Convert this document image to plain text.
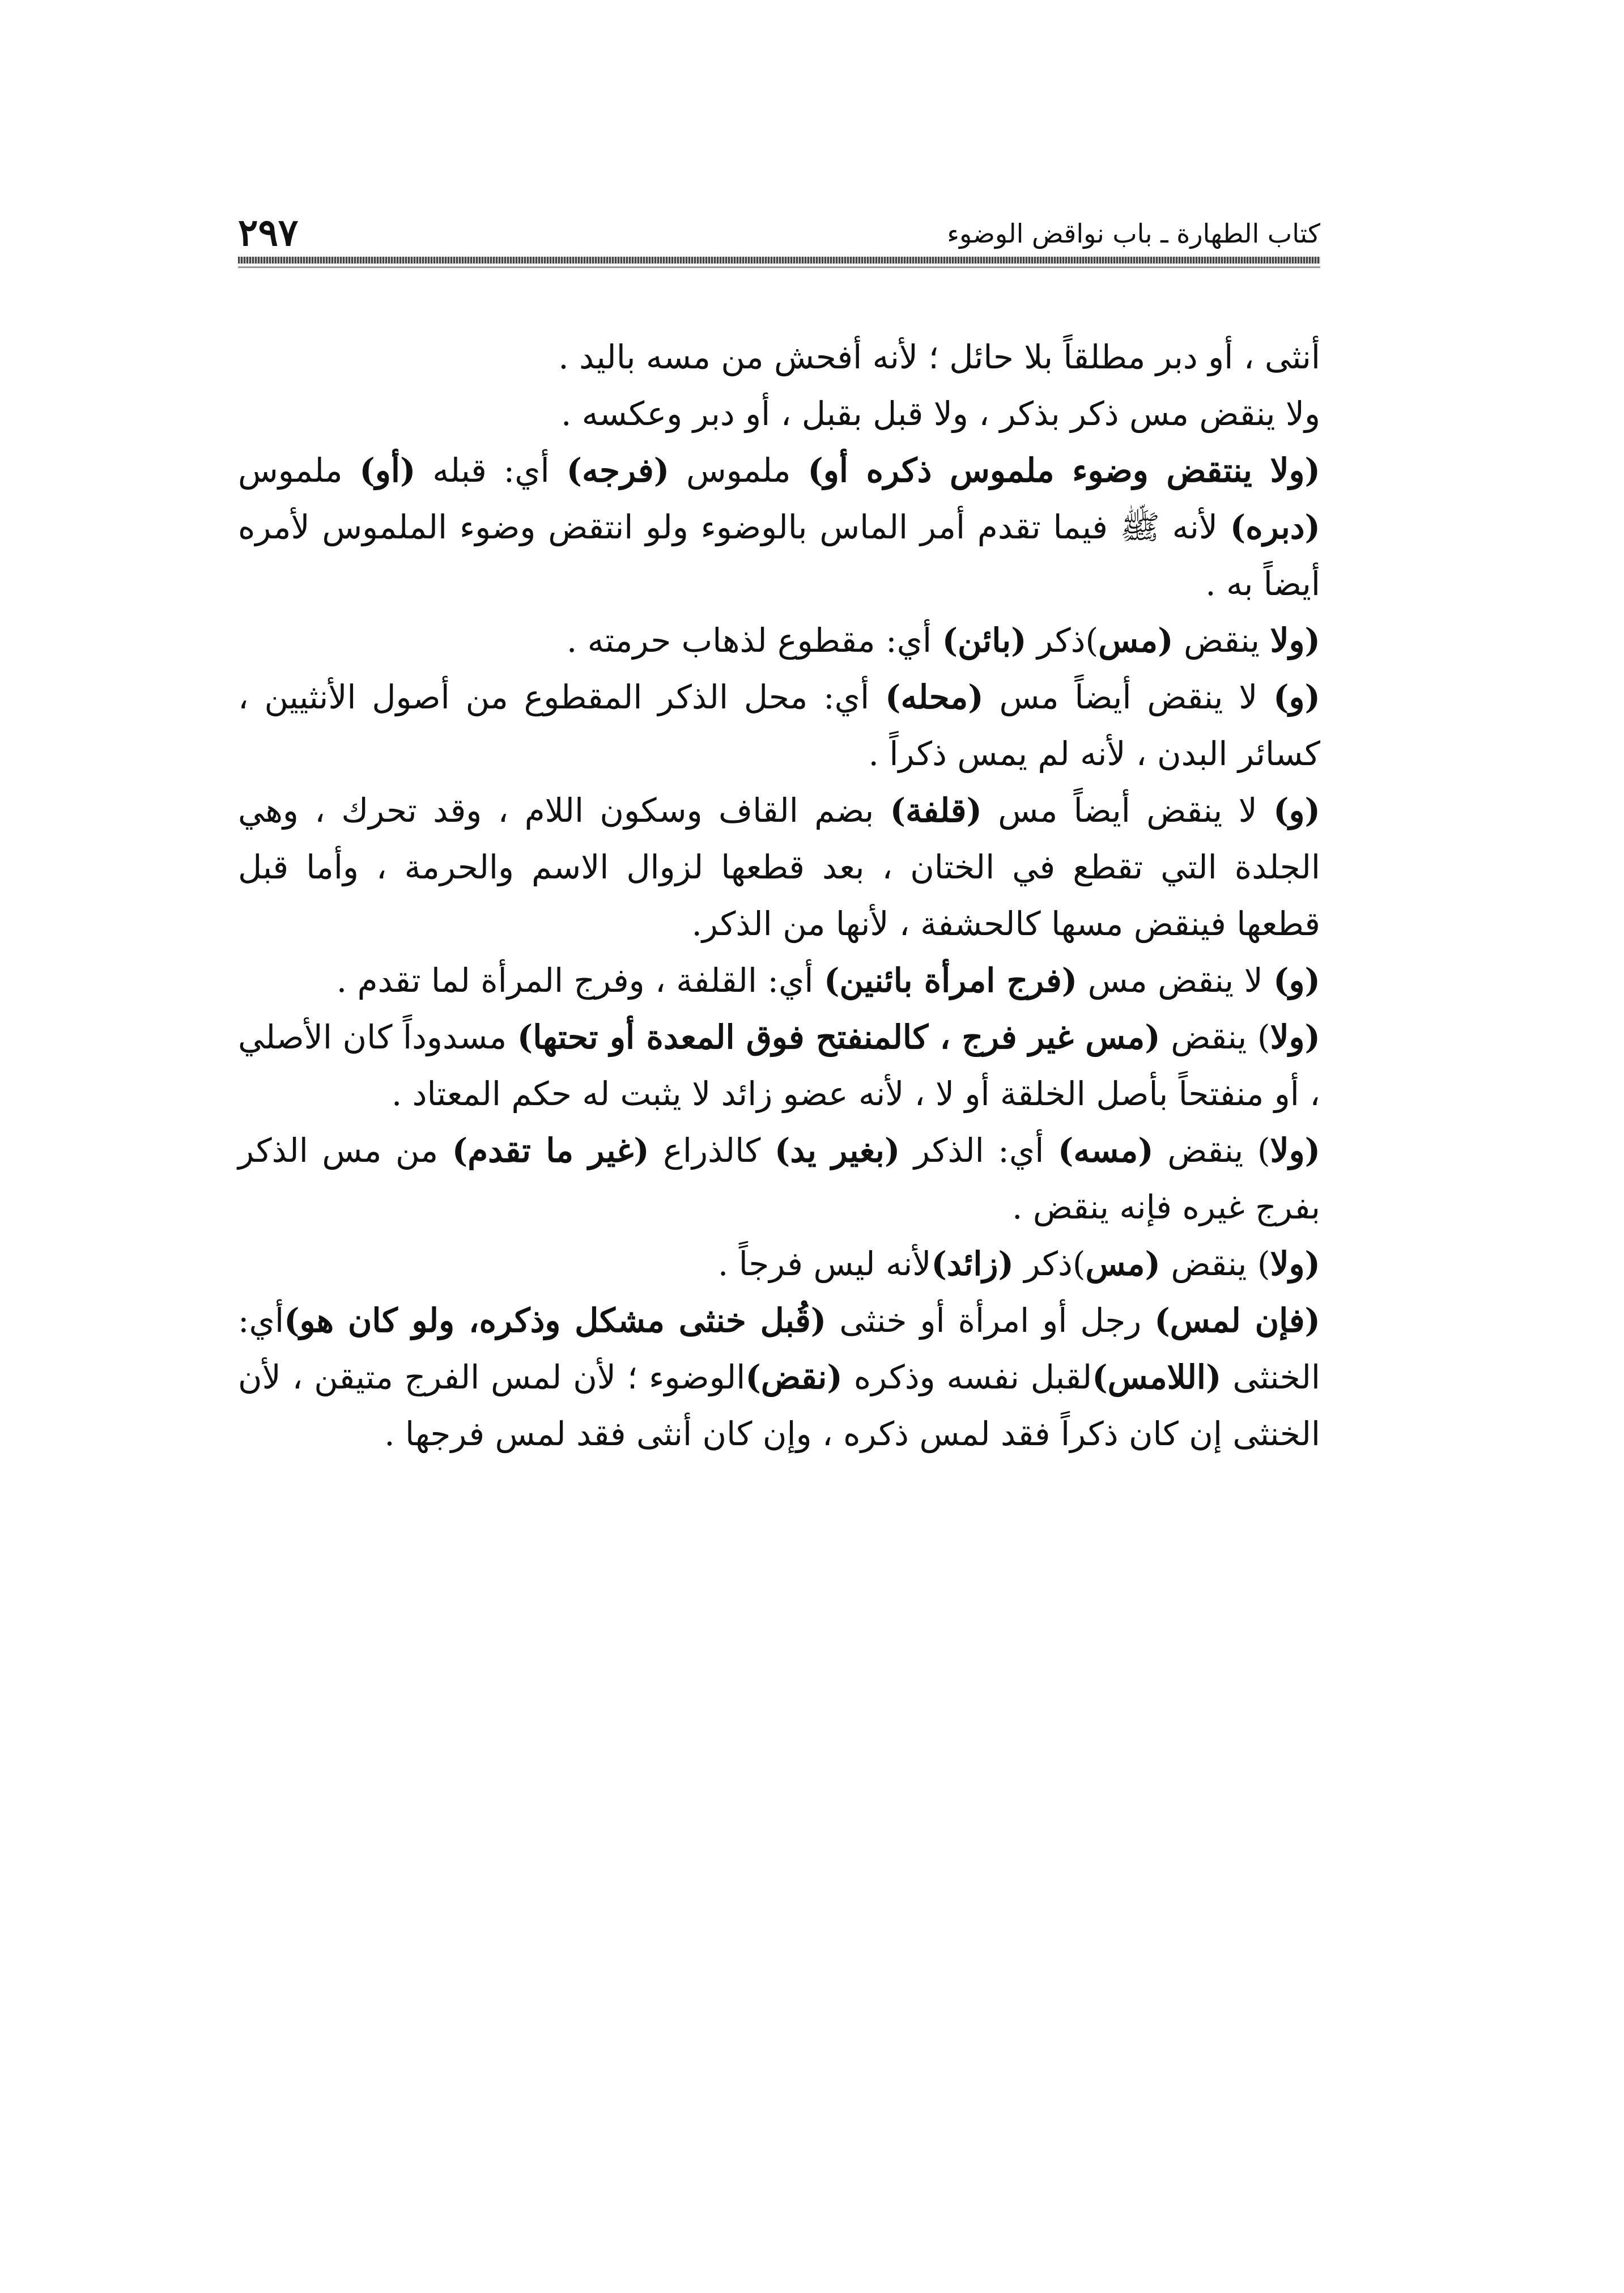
كتاب الطهارة ـ باب نواقض الوضوء
٢٩٧

أنثى ، أو دبر مطلقاً بلا حائل ؛ لأنه أفحش من مسه باليد .

ولا ينقض مس ذكر بذكر ، ولا قبل بقبل ، أو دبر وعكسه .

(ولا ينتقض وضوء ملموس ذكره أو) ملموس (فرجه) أي: قبله (أو) ملموس (دبره) لأنه ﷺ فيما تقدم أمر الماس بالوضوء ولو انتقض وضوء الملموس لأمره أيضاً به .

(ولا ينقض (مس)ذكر (بائن) أي: مقطوع لذهاب حرمته .

(و) لا ينقض أيضاً مس (محله) أي: محل الذكر المقطوع من أصول الأنثيين ، كسائر البدن ، لأنه لم يمس ذكراً .

(و) لا ينقض أيضاً مس (قلفة) بضم القاف وسكون اللام ، وقد تحرك ، وهي الجلدة التي تقطع في الختان ، بعد قطعها لزوال الاسم والحرمة ، وأما قبل قطعها فينقض مسها كالحشفة ، لأنها من الذكر.

(و) لا ينقض مس (فرج امرأة بائنين) أي: القلفة ، وفرج المرأة لما تقدم .

(ولا) ينقض (مس غير فرج ، كالمنفتح فوق المعدة أو تحتها) مسدوداً كان الأصلي ، أو منفتحاً بأصل الخلقة أو لا ، لأنه عضو زائد لا يثبت له حكم المعتاد .

(ولا) ينقض (مسه) أي: الذكر (بغير يد) كالذراع (غير ما تقدم) من مس الذكر بفرج غيره فإنه ينقض .

(ولا) ينقض (مس)ذكر (زائد)لأنه ليس فرجاً .

(فإن لمس) رجل أو امرأة أو خنثى (قُبل خنثى مشكل وذكره، ولو كان هو)أي: الخنثى (اللامس)لقبل نفسه وذكره (نقض)الوضوء ؛ لأن لمس الفرج متيقن ، لأن الخنثى إن كان ذكراً فقد لمس ذكره ، وإن كان أنثى فقد لمس فرجها .
